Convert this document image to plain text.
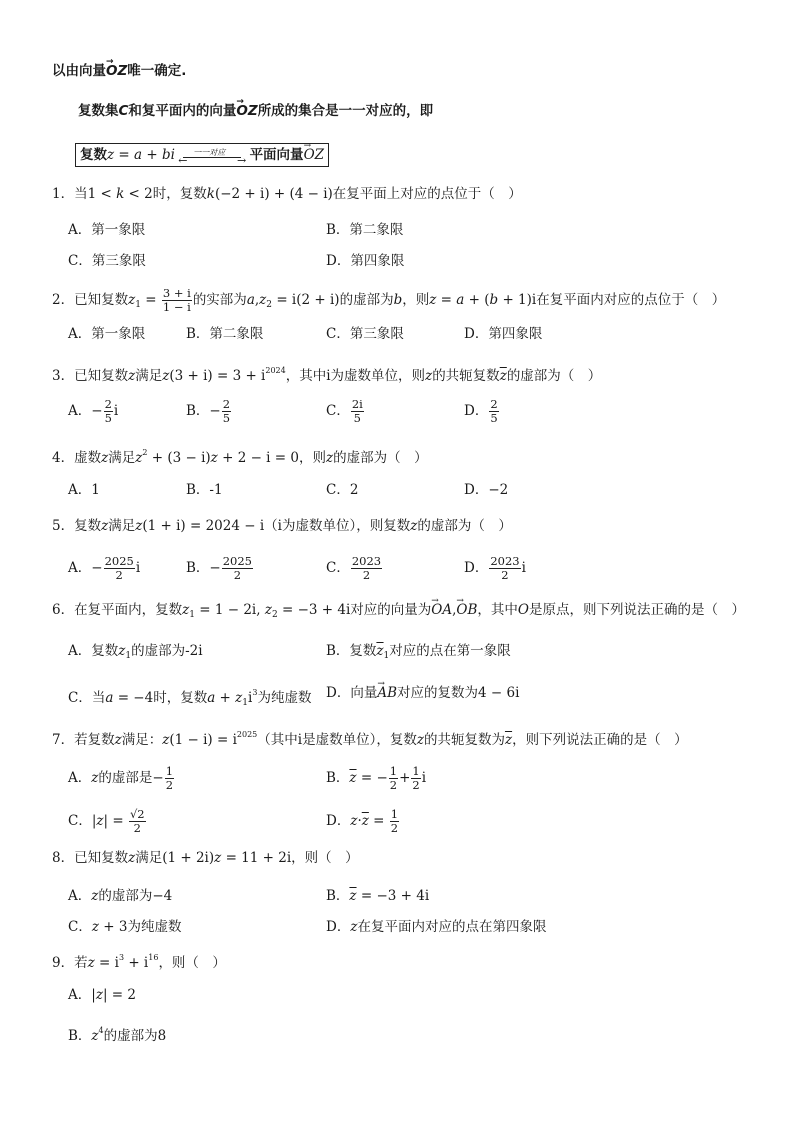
以由向量→ OZ唯一确定.
复数集C和复平面内的向量→ OZ所成的集合是一一对应的，即
复数z = a + bi ←	→
一一对应 平面向量→ OZ
1．当1 < k < 2时，复数k(−2 + i) + (4 − i)在复平面上对应的点位于（　）
A．第一象限	B．第二象限
C．第三象限	D．第四象限
2．已知复数$z_1 = \frac{3 + i}{1 - i}$ 的实部为$a,z_2 = i(2 + i)$的虚部为b，则z = a + (b + 1)i在复平面内对应的点位于（　）
A．第一象限	B．第二象限	C．第三象限	D．第四象限
3．已知复数z满足$z(3 + i) = 3 + i^{2024}$，其中i为虚数单位，则z的共轭复数$\overline{z}$的虚部为（　）
A．− $\frac{2}{5}$ i	B．− $\frac{2}{5}$	C． $\frac{2i}{5}$	D． $\frac{2}{5}$
4．虚数z满足$z^2 + (3 - i)z + 2 - i = 0$，则z的虚部为（　）
A．1	B．-1	C．2	D．−2
5．复数z满足z(1 + i) = 2024 − i（i为虚数单位），则复数z的虚部为（　）
A．− $\frac{2025}{2}$ i	B．− $\frac{2025}{2}$	C． $\frac{2023}{2}$	D． $\frac{2023}{2}$ i
6．在复平面内，复数$z_1 = 1 - 2i$, $z_2 = -3 + 4i$对应的向量为→ OA,→ OB，其中O是原点，则下列说法正确的是（　）
A．复数$z_1$的虚部为-2i	B．复数$\overline{z}_1$对应的点在第一象限
C．当a = −4时，复数$a + z_1i^3$为纯虚数 D．向量→ AB对应的复数为4 − 6i
7．若复数z满足：$z(1 - i) = i^{2025}$（其中i是虚数单位），复数z的共轭复数为$\overline{z}$，则下列说法正确的是（　）
A．z的虚部是− $\frac{1}{2}$	B．$\overline{z}$ = − $\frac{1}{2} + \frac{1}{2}$ i
C．$|z| = \frac{√2}{2}$	D．$z\cdot\overline{z} = \frac{1}{2}$
8．已知复数z满足(1 + 2i)z = 11 + 2i，则（　）
A．z的虚部为−4	B．$\overline{z} = -3 + 4i$
C．z + 3为纯虚数	D．z在复平面内对应的点在第四象限
9．若$z = i^3 + i^{16}$，则（　）
A．|z| = 2
B．$z^4$的虚部为8
